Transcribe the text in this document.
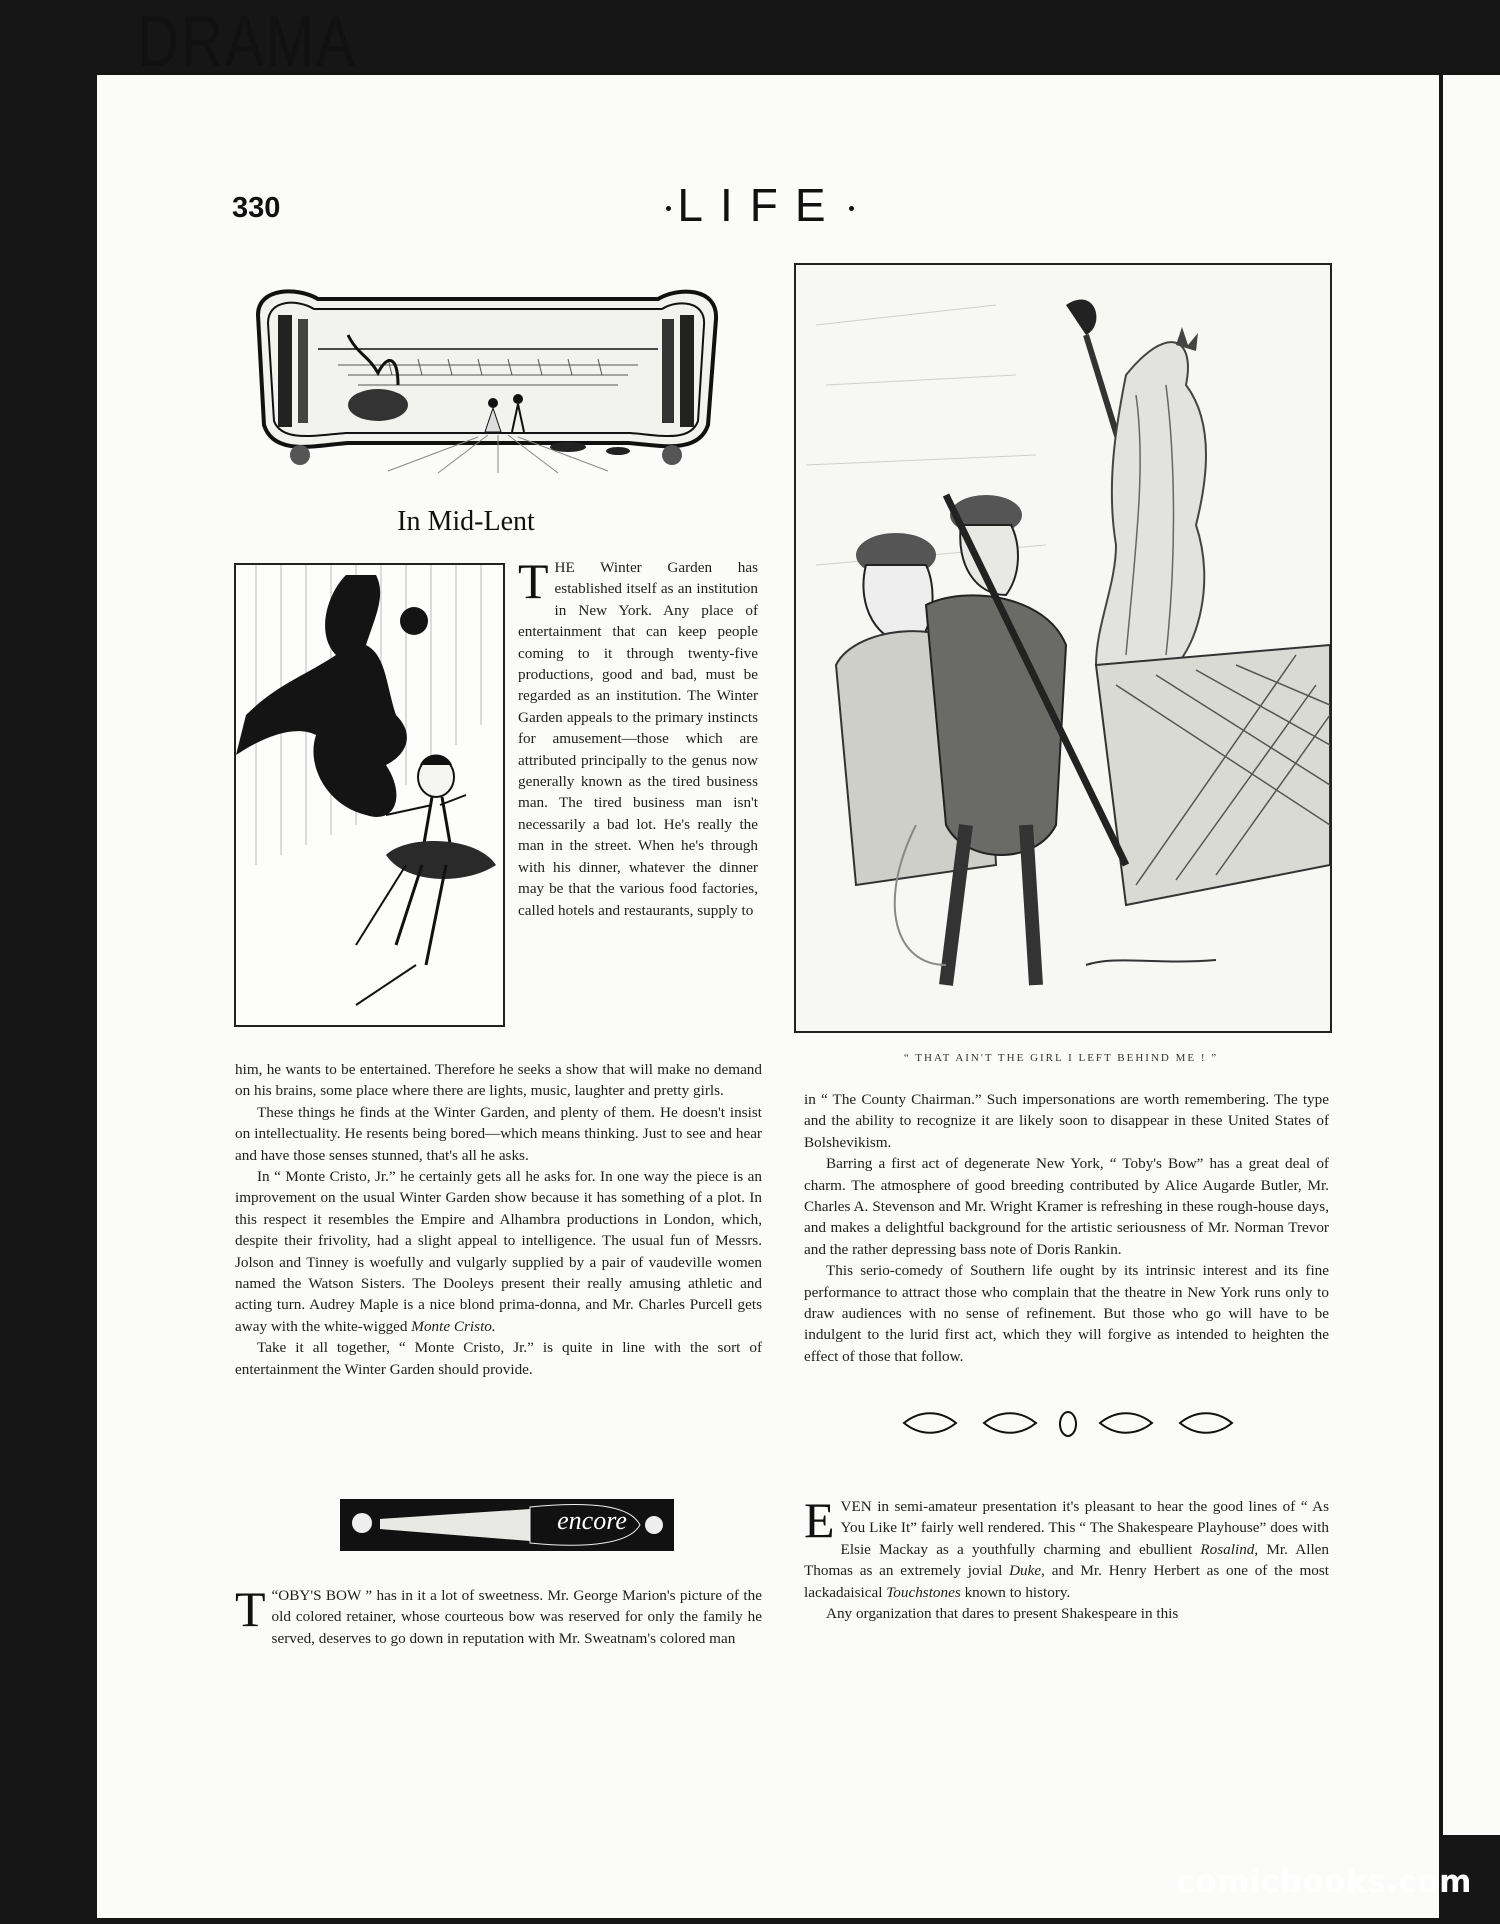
330	LIFE
DRAMA
In Mid-Lent

THE Winter Garden has established itself as an institution in New York. Any place of entertainment that can keep people coming to it through twenty-five productions, good and bad, must be regarded as an institution. The Winter Garden appeals to the primary instincts for amusement—those which are attributed principally to the genus now generally known as the tired business man. The tired business man isn't necessarily a bad lot. He's really the man in the street. When he's through with his dinner, whatever the dinner may be that the various food factories, called hotels and restaurants, supply to

him, he wants to be entertained. Therefore he seeks a show that will make no demand on his brains, some place where there are lights, music, laughter and pretty girls.

These things he finds at the Winter Garden, and plenty of them. He doesn't insist on intellectuality. He resents being bored—which means thinking. Just to see and hear and have those senses stunned, that's all he asks.

In “ Monte Cristo, Jr.” he certainly gets all he asks for. In one way the piece is an improvement on the usual Winter Garden show because it has something of a plot. In this respect it resembles the Empire and Alhambra productions in London, which, despite their frivolity, had a slight appeal to intelligence. The usual fun of Messrs. Jolson and Tinney is woefully and vulgarly supplied by a pair of vaudeville women named the Watson Sisters. The Dooleys present their really amusing athletic and acting turn. Audrey Maple is a nice blond prima-donna, and Mr. Charles Purcell gets away with the white-wigged Monte Cristo.

Take it all together, “ Monte Cristo, Jr.” is quite in line with the sort of entertainment the Winter Garden should provide.

encore

“
T OBY'S BOW ” has in it a lot of sweetness. Mr. George Marion's picture of the old colored retainer, whose courteous bow was reserved for only the family he served, deserves to go down in reputation with Mr. Sweatnam's colored man

“ THAT AIN'T THE GIRL I LEFT BEHIND ME ! ”

in “ The County Chairman.” Such impersonations are worth remembering. The type and the ability to recognize it are likely soon to disappear in these United States of Bolshevikism.

Barring a first act of degenerate New York, “ Toby's Bow” has a great deal of charm. The atmosphere of good breeding contributed by Alice Augarde Butler, Mr. Charles A. Stevenson and Mr. Wright Kramer is refreshing in these rough-house days, and makes a delightful background for the artistic seriousness of Mr. Norman Trevor and the rather depressing bass note of Doris Rankin.

This serio-comedy of Southern life ought by its intrinsic interest and its fine performance to attract those who complain that the theatre in New York runs only to draw audiences with no sense of refinement. But those who go will have to be indulgent to the lurid first act, which they will forgive as intended to heighten the effect of those that follow.

EVEN in semi-amateur presentation it's pleasant to hear the good lines of “ As You Like It” fairly well rendered. This “ The Shakespeare Playhouse” does with Elsie Mackay as a youthfully charming and ebullient Rosalind, Mr. Allen Thomas as an extremely jovial Duke, and Mr. Henry Herbert as one of the most lackadaisical Touchstones known to history.

Any organization that dares to present Shakespeare in this

comicbooks.com
